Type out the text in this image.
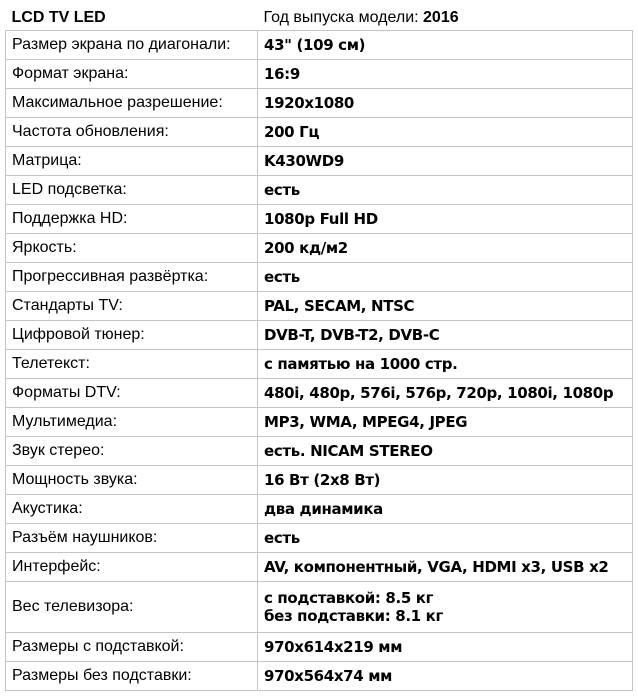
LCD TV LED	Год выпуска модели: 2016
Размер экрана по диагонали:	43" (109 см)
Формат экрана:	16:9
Максимальное разрешение:	1920x1080
Частота обновления:	200 Гц
Матрица:	K430WD9
LED подсветка:	есть
Поддержка HD:	1080p Full HD
Яркость:	200 кд/м2
Прогрессивная развёртка:	есть
Стандарты TV:	PAL, SECAM, NTSC
Цифровой тюнер:	DVB-T, DVB-T2, DVB-C
Телетекст:	с памятью на 1000 стр.
Форматы DTV:	480i, 480p, 576i, 576p, 720p, 1080i, 1080p
Мультимедиа:	MP3, WMA, MPEG4, JPEG
Звук стерео:	есть. NICAM STEREO
Мощность звука:	16 Вт (2x8 Вт)
Акустика:	два динамика
Разъём наушников:	есть
Интерфейс:	AV, компонентный, VGA, HDMI x3, USB x2
Вес телевизора:	с подставкой: 8.5 кг
без подставки: 8.1 кг

Размеры с подставкой:	970x614x219 мм
Размеры без подставки:	970x564x74 мм
